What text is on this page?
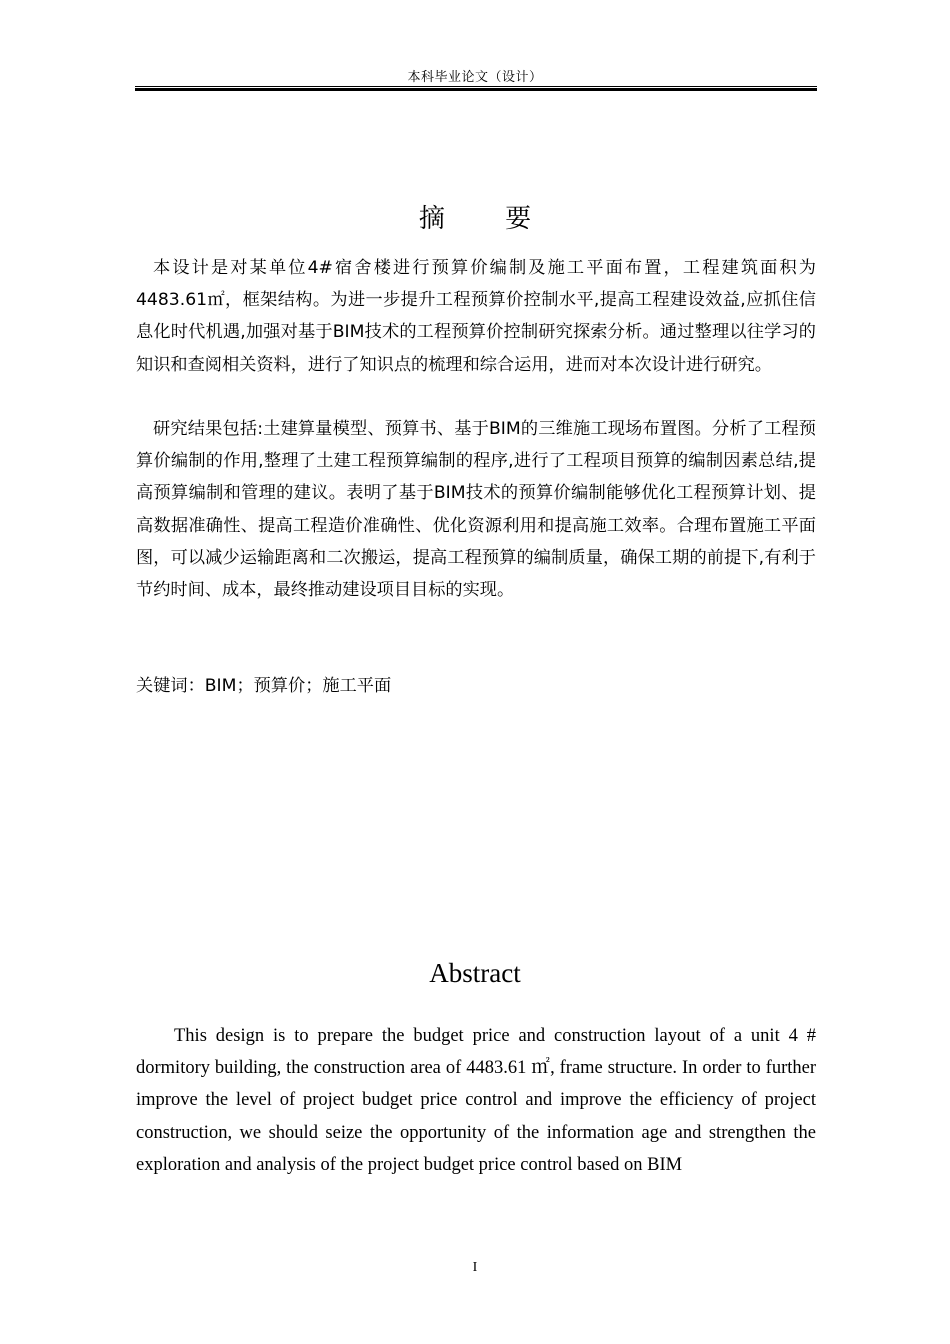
本科毕业论文（设计）
摘 要

本设计是对某单位4#宿舍楼进行预算价编制及施工平面布置，工程建筑面积为4483.61㎡，框架结构。为进一步提升工程预算价控制水平,提高工程建设效益,应抓住信息化时代机遇,加强对基于BIM技术的工程预算价控制研究探索分析。通过整理以往学习的知识和查阅相关资料，进行了知识点的梳理和综合运用，进而对本次设计进行研究。

研究结果包括:土建算量模型、预算书、基于BIM的三维施工现场布置图。分析了工程预算价编制的作用,整理了土建工程预算编制的程序,进行了工程项目预算的编制因素总结,提高预算编制和管理的建议。表明了基于BIM技术的预算价编制能够优化工程预算计划、提高数据准确性、提高工程造价准确性、优化资源利用和提高施工效率。合理布置施工平面图，可以减少运输距离和二次搬运，提高工程预算的编制质量，确保工期的前提下,有利于节约时间、成本，最终推动建设项目目标的实现。

关键词：BIM；预算价；施工平面
Abstract

This design is to prepare the budget price and construction layout of a unit 4 # dormitory building, the construction area of 4483.61 ㎡, frame structure. In order to further improve the level of project budget price control and improve the efficiency of project construction, we should seize the opportunity of the information age and strengthen the exploration and analysis of the project budget price control based on BIM

I
